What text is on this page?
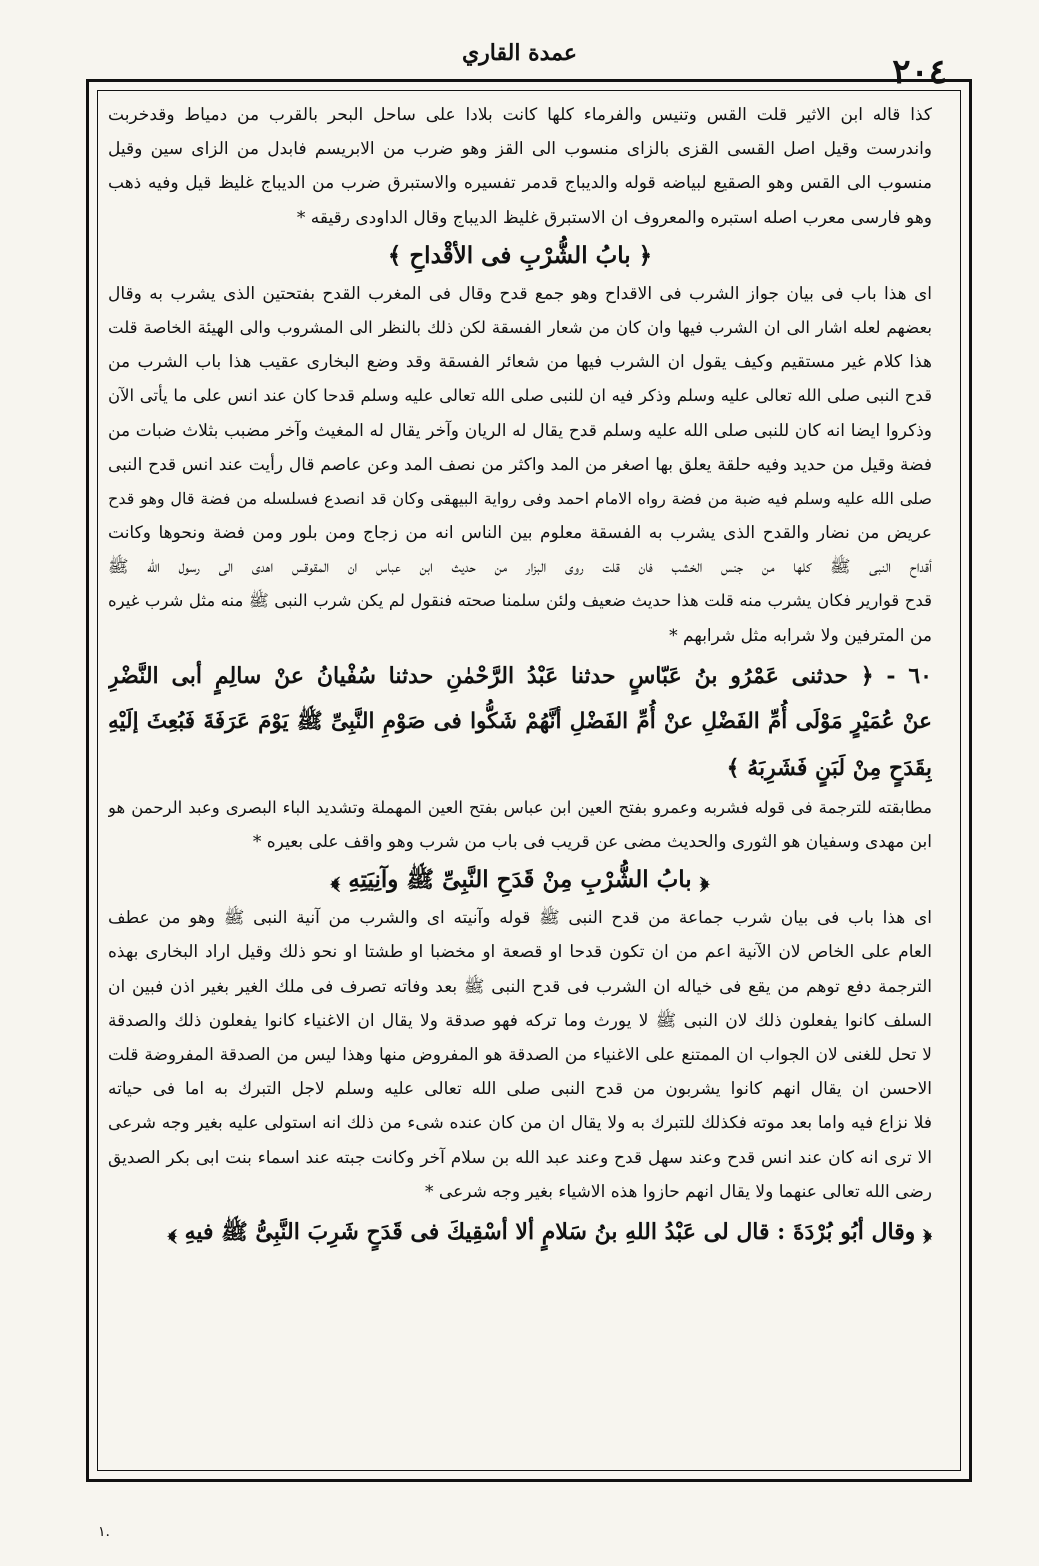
عمدة القاري	٢٠٤
كذا قاله ابن الاثير قلت القس وتنيس والفرماء كلها كانت بلادا على ساحل البحر بالقرب من دمياط وقدخربت
واندرست وقيل اصل القسى القزى بالزاى منسوب الى القز وهو ضرب من الابريسم فابدل من الزاى سين وقيل
منسوب الى القس وهو الصقيع لبياضه قوله والديباج قدمر تفسيره والاستبرق ضرب من الديباج غليظ قيل وفيه ذهب
وهو فارسى معرب اصله استبره والمعروف ان الاستبرق غليظ الديباج وقال الداودى رقيقه *
﴿ بابُ الشُّرْبِ فى الأقْداحِ ﴾
اى هذا باب فى بيان جواز الشرب فى الاقداح وهو جمع قدح وقال فى المغرب القدح بفتحتين الذى يشرب به وقال
بعضهم لعله اشار الى ان الشرب فيها وان كان من شعار الفسقة لكن ذلك بالنظر الى المشروب والى الهيئة الخاصة قلت
هذا كلام غير مستقيم وكيف يقول ان الشرب فيها من شعائر الفسقة وقد وضع البخارى عقيب هذا باب الشرب من
قدح النبى صلى الله تعالى عليه وسلم وذكر فيه ان للنبى صلى الله تعالى عليه وسلم قدحا كان عند انس على ما يأتى الآن
وذكروا ايضا انه كان للنبى صلى الله عليه وسلم قدح يقال له الريان وآخر يقال له المغيث وآخر مضبب بثلاث ضبات من
فضة وقيل من حديد وفيه حلقة يعلق بها اصغر من المد واكثر من نصف المد وعن عاصم قال رأيت عند انس قدح النبى
صلى الله عليه وسلم فيه ضبة من فضة رواه الامام احمد وفى رواية البيهقى وكان قد انصدع فسلسله من فضة قال وهو قدح
عريض من نضار والقدح الذى يشرب به الفسقة معلوم بين الناس انه من زجاج ومن بلور ومن فضة ونحوها وكانت
أقداح النبى ﷺ كلها من جنس الخشب فان قلت روى البزار من حديث ابن عباس ان المقوقس اهدى الى رسول الله ﷺ
قدح قوارير فكان يشرب منه قلت هذا حديث ضعيف ولئن سلمنا صحته فنقول لم يكن شرب النبى ﷺ منه مثل شرب غيره
من المترفين ولا شرابه مثل شرابهم *
٦٠ - ﴿ حدثنى عَمْرُو بنُ عَبّاسٍ حدثنا عَبْدُ الرَّحْمٰنِ حدثنا سُفْيانُ عنْ سالِمٍ أبى النَّضْرِ
عنْ عُمَيْرٍ مَوْلَى أُمِّ الفَضْلِ عنْ أُمِّ الفَضْلِ أنَّهُمْ شَكُّوا فى صَوْمِ النَّبِىِّ ﷺ يَوْمَ عَرَفَةَ فَبُعِثَ إلَيْهِ
بِقَدَحٍ مِنْ لَبَنٍ فَشَرِبَهُ ﴾
مطابقته للترجمة فى قوله فشربه وعمرو بفتح العين ابن عباس بفتح العين المهملة وتشديد الباء البصرى وعبد الرحمن هو
ابن مهدى وسفيان هو الثورى والحديث مضى عن قريب فى باب من شرب وهو واقف على بعيره *
﴿ بابُ الشُّرْبِ مِنْ قَدَحِ النَّبِىِّ ﷺ وآنِيَتِهِ ﴾
اى هذا باب فى بيان شرب جماعة من قدح النبى ﷺ قوله وآنيته اى والشرب من آنية النبى ﷺ وهو من عطف
العام على الخاص لان الآنية اعم من ان تكون قدحا او قصعة او مخضبا او طشتا او نحو ذلك وقيل اراد البخارى بهذه
الترجمة دفع توهم من يقع فى خياله ان الشرب فى قدح النبى ﷺ بعد وفاته تصرف فى ملك الغير بغير اذن فبين ان
السلف كانوا يفعلون ذلك لان النبى ﷺ لا يورث وما تركه فهو صدقة ولا يقال ان الاغنياء كانوا يفعلون ذلك والصدقة
لا تحل للغنى لان الجواب ان الممتنع على الاغنياء من الصدقة هو المفروض منها وهذا ليس من الصدقة المفروضة قلت
الاحسن ان يقال انهم كانوا يشربون من قدح النبى صلى الله تعالى عليه وسلم لاجل التبرك به اما فى حياته
فلا نزاع فيه واما بعد موته فكذلك للتبرك به ولا يقال ان من كان عنده شىء من ذلك انه استولى عليه بغير وجه شرعى
الا ترى انه كان عند انس قدح وعند سهل قدح وعند عبد الله بن سلام آخر وكانت جبته عند اسماء بنت ابى بكر الصديق
رضى الله تعالى عنهما ولا يقال انهم حازوا هذه الاشياء بغير وجه شرعى *
﴿ وقال أبُو بُرْدَةَ : قال لى عَبْدُ اللهِ بنُ سَلامٍ ألا أسْقِيكَ فى قَدَحٍ شَرِبَ النَّبِىُّ ﷺ فيهِ ﴾
١.
